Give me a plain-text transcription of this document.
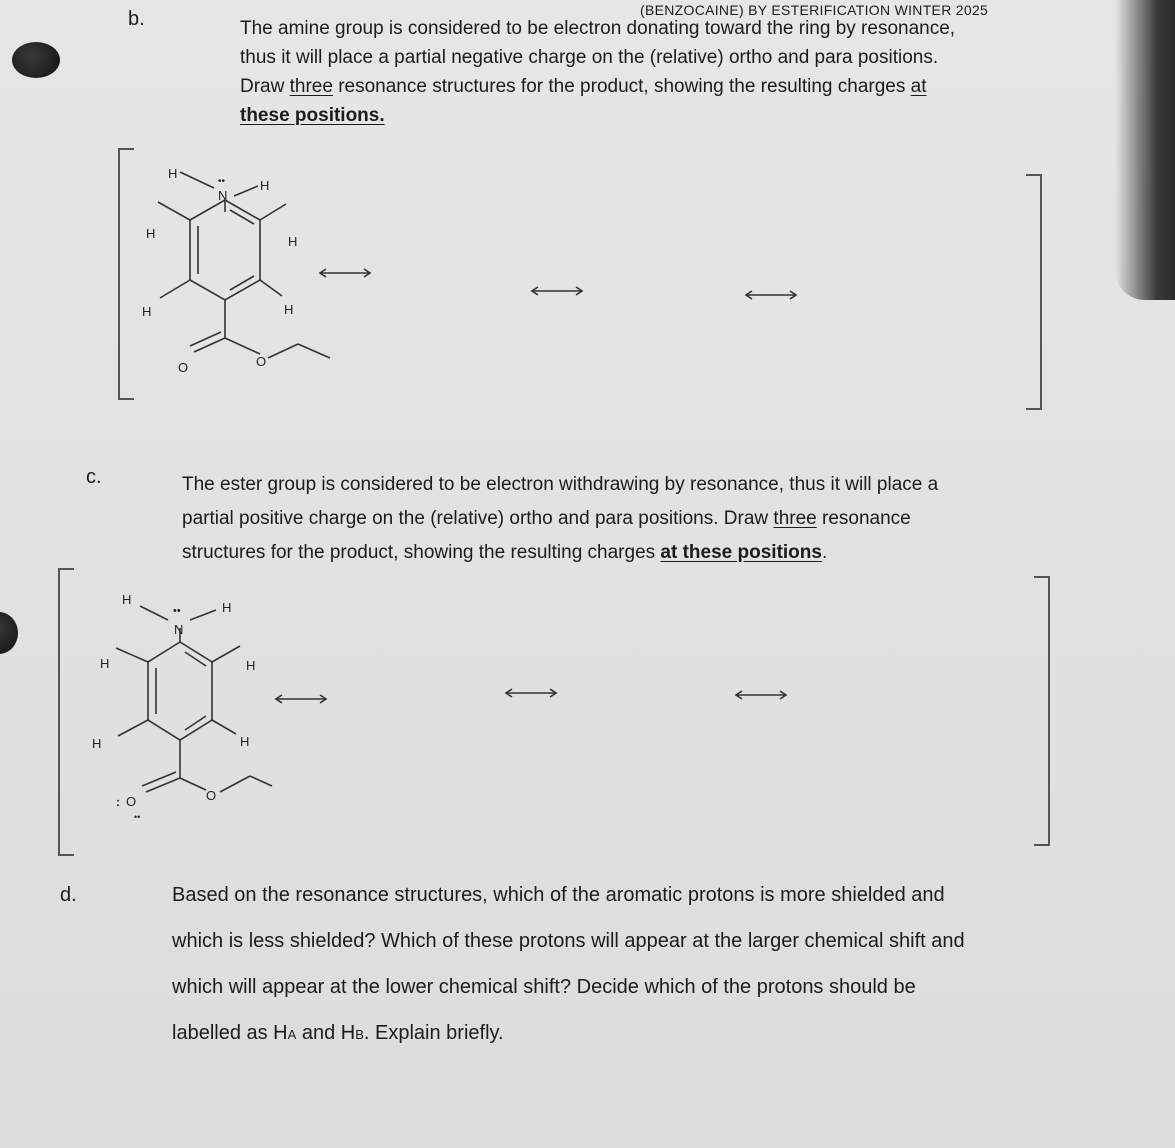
(BENZOCAINE) BY ESTERIFICATION WINTER 2025
b.	The amine group is considered to be electron donating toward the ring by resonance,
thus it will place a partial negative charge on the (relative) ortho and para positions.
Draw three resonance structures for the product, showing the resulting charges at
these positions.
H
H
N
••
H
H
H	H
O	O
c.	The ester group is considered to be electron withdrawing by resonance, thus it will place a
partial positive charge on the (relative) ortho and para positions. Draw three resonance
structures for the product, showing the resulting charges at these positions.
H
H
N
••
H	H
H	H
O
:
••
O
d.	Based on the resonance structures, which of the aromatic protons is more shielded and
which is less shielded? Which of these protons will appear at the larger chemical shift and
which will appear at the lower chemical shift? Decide which of the protons should be
labelled as HA and HB. Explain briefly.
